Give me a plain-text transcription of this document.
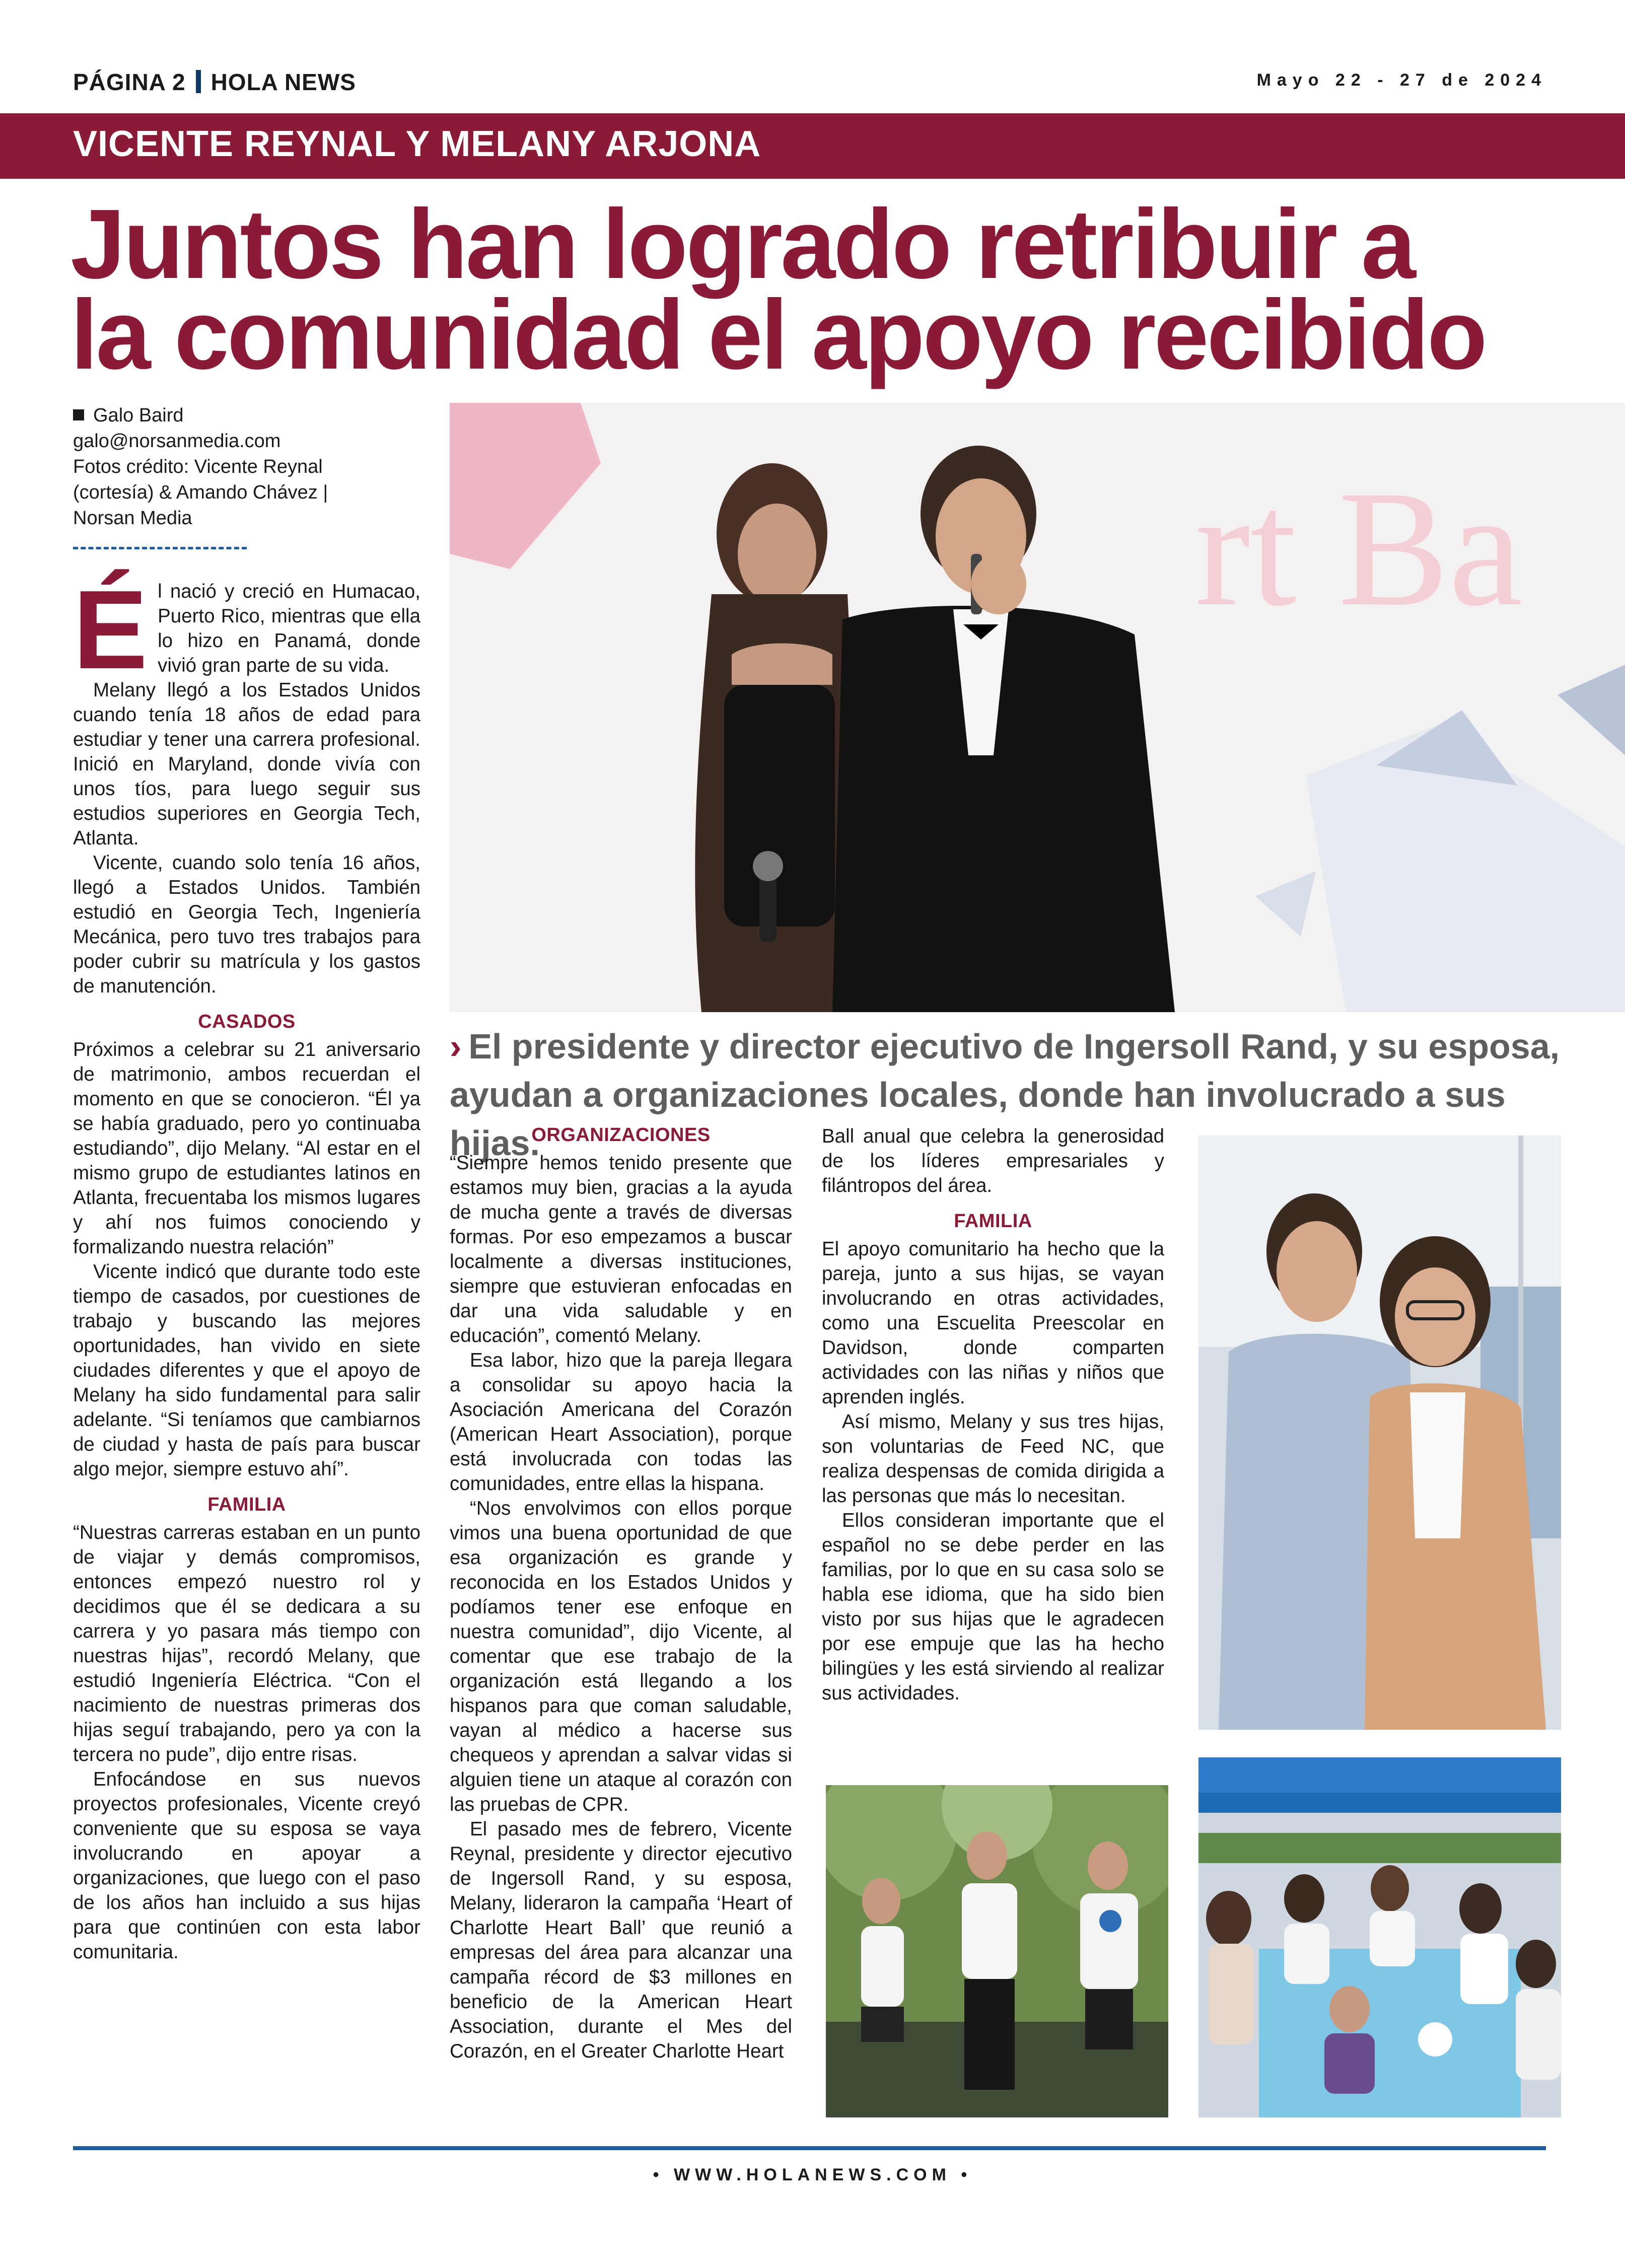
PÁGINA 2 HOLA NEWS	Mayo 22 - 27 de 2024
VICENTE REYNAL Y MELANY ARJONA
Juntos han logrado retribuir a
la comunidad el apoyo recibido
Galo Baird
galo@norsanmedia.com
Fotos crédito: Vicente Reynal (cortesía) & Amando Chávez | Norsan Media

Él nació y creció en Humacao, Puerto Rico, mientras que ella lo hizo en Panamá, donde vivió gran parte de su vida.

Melany llegó a los Estados Unidos cuando tenía 18 años de edad para estudiar y tener una carrera profesional. Inició en Maryland, donde vivía con unos tíos, para luego seguir sus estudios superiores en Georgia Tech, Atlanta.

Vicente, cuando solo tenía 16 años, llegó a Estados Unidos. También estudió en Georgia Tech, Ingeniería Mecánica, pero tuvo tres trabajos para poder cubrir su matrícula y los gastos de manutención.

CASADOS

Próximos a celebrar su 21 aniversario de matrimonio, ambos recuerdan el momento en que se conocieron. “Él ya se había graduado, pero yo continuaba estudiando”, dijo Melany. “Al estar en el mismo grupo de estudiantes latinos en Atlanta, frecuentaba los mismos lugares y ahí nos fuimos conociendo y formalizando nuestra relación”

Vicente indicó que durante todo este tiempo de casados, por cuestiones de trabajo y buscando las mejores oportunidades, han vivido en siete ciudades diferentes y que el apoyo de Melany ha sido fundamental para salir adelante. “Si teníamos que cambiarnos de ciudad y hasta de país para buscar algo mejor, siempre estuvo ahí”.

FAMILIA

“Nuestras carreras estaban en un punto de viajar y demás compromisos, entonces empezó nuestro rol y decidimos que él se dedicara a su carrera y yo pasara más tiempo con nuestras hijas”, recordó Melany, que estudió Ingeniería Eléctrica. “Con el nacimiento de nuestras primeras dos hijas seguí trabajando, pero ya con la tercera no pude”, dijo entre risas.

Enfocándose en sus nuevos proyectos profesionales, Vicente creyó conveniente que su esposa se vaya involucrando en apoyar a organizaciones, que luego con el paso de los años han incluido a sus hijas para que continúen con esta labor comunitaria.

rt Ba
› El presidente y director ejecutivo de Ingersoll Rand, y su esposa, ayudan a organizaciones locales, donde han involucrado a sus hijas.
ORGANIZACIONES

“Siempre hemos tenido presente que estamos muy bien, gracias a la ayuda de mucha gente a través de diversas formas. Por eso empezamos a buscar localmente a diversas instituciones, siempre que estuvieran enfocadas en dar una vida saludable y en educación”, comentó Melany.

Esa labor, hizo que la pareja llegara a consolidar su apoyo hacia la Asociación Americana del Corazón (American Heart Association), porque está involucrada con todas las comunidades, entre ellas la hispana.

“Nos envolvimos con ellos porque vimos una buena oportunidad de que esa organización es grande y reconocida en los Estados Unidos y podíamos tener ese enfoque en nuestra comunidad”, dijo Vicente, al comentar que ese trabajo de la organización está llegando a los hispanos para que coman saludable, vayan al médico a hacerse sus chequeos y aprendan a salvar vidas si alguien tiene un ataque al corazón con las pruebas de CPR.

El pasado mes de febrero, Vicente Reynal, presidente y director ejecutivo de Ingersoll Rand, y su esposa, Melany, lideraron la campaña ‘Heart of Charlotte Heart Ball’ que reunió a empresas del área para alcanzar una campaña récord de $3 millones en beneficio de la American Heart Association, durante el Mes del Corazón, en el Greater Charlotte Heart

Ball anual que celebra la generosidad de los líderes empresariales y filántropos del área.

FAMILIA

El apoyo comunitario ha hecho que la pareja, junto a sus hijas, se vayan involucrando en otras actividades, como una Escuelita Preescolar en Davidson, donde comparten actividades con las niñas y niños que aprenden inglés.

Así mismo, Melany y sus tres hijas, son voluntarias de Feed NC, que realiza despensas de comida dirigida a las personas que más lo necesitan.

Ellos consideran importante que el español no se debe perder en las familias, por lo que en su casa solo se habla ese idioma, que ha sido bien visto por sus hijas que le agradecen por ese empuje que las ha hecho bilingües y les está sirviendo al realizar sus actividades.

• WWW.HOLANEWS.COM •
